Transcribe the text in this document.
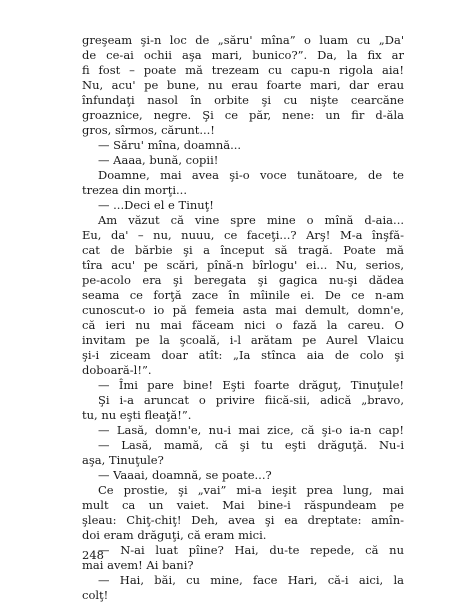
greşeam şi-n loc de „săru' mîna” o luam cu „Da'
de ce-ai ochii aşa mari, bunico?”. Da, la fix ar
fi fost – poate mă trezeam cu capu-n rigola aia!
Nu, acu' pe bune, nu erau foarte mari, dar erau
înfundaţi nasol în orbite şi cu nişte cearcăne
groaznice, negre. Şi ce păr, nene: un fir d-ăla
gros, sîrmos, cărunt...!
— Săru' mîna, doamnă...
— Aaaa, bună, copii!
Doamne, mai avea şi-o voce tunătoare, de te
trezea din morţi...
— ...Deci el e Tinuţ!
Am văzut că vine spre mine o mînă d-aia...
Eu, da' – nu, nuuu, ce faceţi...? Arş! M-a înşfă-
cat de bărbie şi a început să tragă. Poate mă
tîra acu' pe scări, pînă-n bîrlogu' ei... Nu, serios,
pe-acolo era şi beregata şi gagica nu-şi dădea
seama ce forţă zace în mîinile ei. De ce n-am
cunoscut-o io pă femeia asta mai demult, domn'e,
că ieri nu mai făceam nici o fază la careu. O
invitam pe la şcoală, i-l arătam pe Aurel Vlaicu
şi-i ziceam doar atît: „Ia stînca aia de colo şi
doboară-l!”.
— Îmi pare bine! Eşti foarte drăguţ, Tinuţule!
Şi i-a aruncat o privire fiică-sii, adică „bravo,
tu, nu eşti fleaţă!”.
— Lasă, domn'e, nu-i mai zice, că şi-o ia-n cap!
— Lasă, mamă, că şi tu eşti drăguţă. Nu-i
aşa, Tinuţule?
— Vaaai, doamnă, se poate...?
Ce prostie, şi „vai” mi-a ieşit prea lung, mai
mult ca un vaiet. Mai bine-i răspundeam pe
şleau: Chiţ-chiţ! Deh, avea şi ea dreptate: amîn-
doi eram drăguţi, că eram mici.
— N-ai luat pîine? Hai, du-te repede, că nu
mai avem! Ai bani?
— Hai, băi, cu mine, face Hari, că-i aici, la
colţ!
248
